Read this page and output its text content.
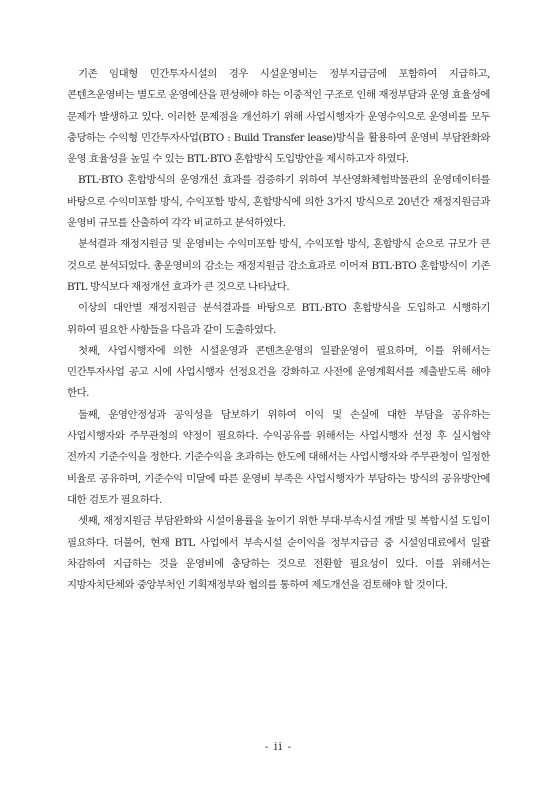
기존 임대형 민간투자시설의 경우 시설운영비는 정부지급금에 포함하여 지급하고, 콘텐츠운영비는 별도로 운영예산을 편성해야 하는 이중적인 구조로 인해 재정부담과 운영 효율성에 문제가 발생하고 있다. 이러한 문제점을 개선하기 위해 사업시행자가 운영수익으로 운영비를 모두 충당하는 수익형 민간투자사업(BTO : Build Transfer lease)방식을 활용하여 운영비 부담완화와 운영 효율성을 높일 수 있는 BTL·BTO 혼합방식 도입방안을 제시하고자 하였다.

BTL·BTO 혼합방식의 운영개선 효과를 검증하기 위하여 부산영화체험박물관의 운영데이터를 바탕으로 수익미포함 방식, 수익포함 방식, 혼합방식에 의한 3가지 방식으로 20년간 재정지원금과 운영비 규모를 산출하여 각각 비교하고 분석하였다.

분석결과 재정지원금 및 운영비는 수익미포함 방식, 수익포함 방식, 혼합방식 순으로 규모가 큰 것으로 분석되었다. 총운영비의 감소는 재정지원금 감소효과로 이어져 BTL·BTO 혼합방식이 기존 BTL 방식보다 재정개선 효과가 큰 것으로 나타났다.

이상의 대안별 재정지원금 분석결과를 바탕으로 BTL·BTO 혼합방식을 도입하고 시행하기 위하여 필요한 사항들을 다음과 같이 도출하였다.

첫째, 사업시행자에 의한 시설운영과 콘텐츠운영의 일괄운영이 필요하며, 이를 위해서는 민간투자사업 공고 시에 사업시행자 선정요건을 강화하고 사전에 운영계획서를 제출받도록 해야 한다.

둘째, 운영안정성과 공익성을 담보하기 위하여 이익 및 손실에 대한 부담을 공유하는 사업시행자와 주무관청의 약정이 필요하다. 수익공유를 위해서는 사업시행자 선정 후 실시협약 전까지 기준수익을 정한다. 기준수익을 초과하는 한도에 대해서는 사업시행자와 주무관청이 일정한 비율로 공유하며, 기준수익 미달에 따른 운영비 부족은 사업시행자가 부담하는 방식의 공유방안에 대한 검토가 필요하다.

셋째, 재정지원금 부담완화와 시설이용률을 높이기 위한 부대·부속시설 개발 및 복합시설 도입이 필요하다. 더불어, 현재 BTL 사업에서 부속시설 순이익을 정부지급금 중 시설임대료에서 일괄 차감하여 지급하는 것을 운영비에 충당하는 것으로 전환할 필요성이 있다. 이를 위해서는 지방자치단체와 중앙부처인 기획재정부와 협의를 통하여 제도개선을 검토해야 할 것이다.

- ii -
